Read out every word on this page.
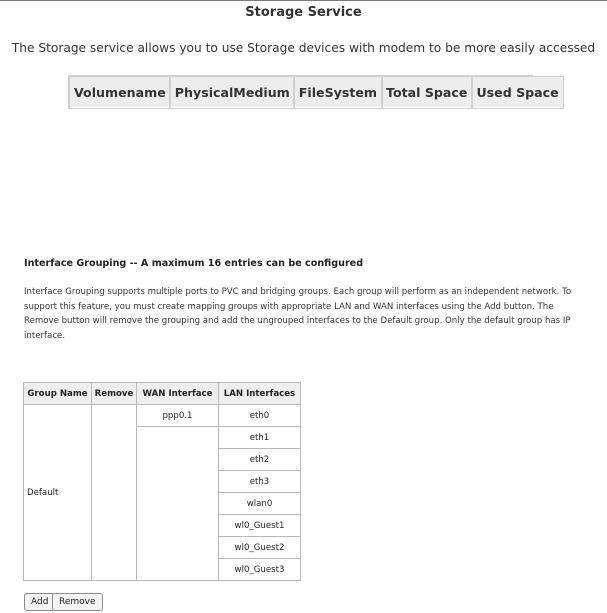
Storage Service
The Storage service allows you to use Storage devices with modem to be more easily accessed
Volumename	PhysicalMedium	FileSystem	Total Space	Used Space
Interface Grouping -- A maximum 16 entries can be configured
Interface Grouping supports multiple ports to PVC and bridging groups. Each group will perform as an independent network. To support this feature, you must create mapping groups with appropriate LAN and WAN interfaces using the Add button. The Remove button will remove the grouping and add the ungrouped interfaces to the Default group. Only the default group has IP interface.
Group Name	Remove	WAN Interface	LAN Interfaces
Default		ppp0.1	eth0
			eth1
			eth2
			eth3
			wlan0
			wl0_Guest1
			wl0_Guest2
			wl0_Guest3
Add	Remove
